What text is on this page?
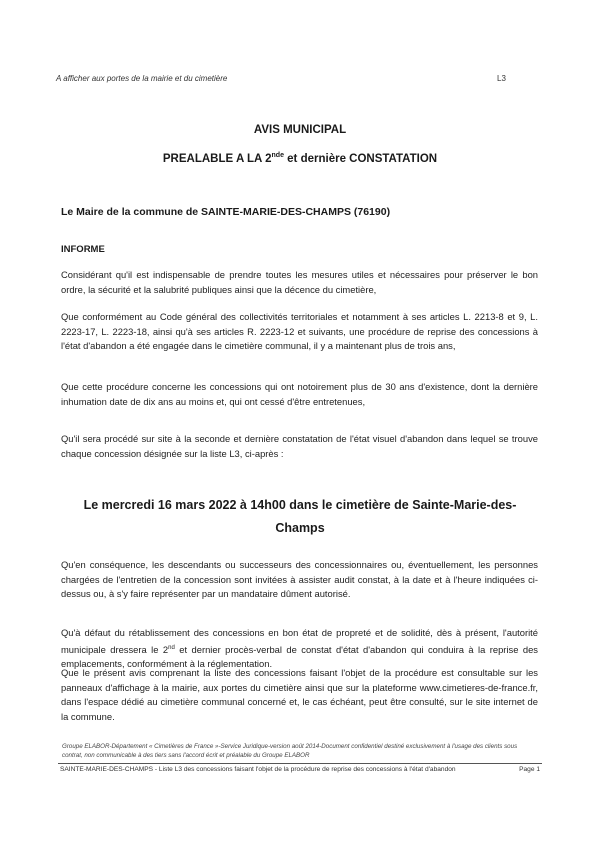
A afficher aux portes de la mairie et du cimetière	L3
AVIS MUNICIPAL
PREALABLE A LA 2nde et dernière CONSTATATION
Le Maire de la commune de SAINTE-MARIE-DES-CHAMPS (76190)
INFORME
Considérant qu'il est indispensable de prendre toutes les mesures utiles et nécessaires pour préserver le bon ordre, la sécurité et la salubrité publiques ainsi que la décence du cimetière,
Que conformément au Code général des collectivités territoriales et notamment à ses articles L. 2213-8 et 9, L. 2223-17, L. 2223-18, ainsi qu'à ses articles R. 2223-12 et suivants, une procédure de reprise des concessions à l'état d'abandon a été engagée dans le cimetière communal, il y a maintenant plus de trois ans,
Que cette procédure concerne les concessions qui ont notoirement plus de 30 ans d'existence, dont la dernière inhumation date de dix ans au moins et, qui ont cessé d'être entretenues,
Qu'il sera procédé sur site à la seconde et dernière constatation de l'état visuel d'abandon dans lequel se trouve chaque concession désignée sur la liste L3, ci-après :
Le mercredi 16 mars 2022 à 14h00 dans le cimetière de Sainte-Marie-des-Champs
Qu'en conséquence, les descendants ou successeurs des concessionnaires ou, éventuellement, les personnes chargées de l'entretien de la concession sont invitées à assister audit constat, à la date et à l'heure indiquées ci-dessus ou, à s'y faire représenter par un mandataire dûment autorisé.
Qu'à défaut du rétablissement des concessions en bon état de propreté et de solidité, dès à présent, l'autorité municipale dressera le 2nd et dernier procès-verbal de constat d'état d'abandon qui conduira à la reprise des emplacements, conformément à la réglementation.
Que le présent avis comprenant la liste des concessions faisant l'objet de la procédure est consultable sur les panneaux d'affichage à la mairie, aux portes du cimetière ainsi que sur la plateforme www.cimetieres-de-france.fr, dans l'espace dédié au cimetière communal concerné et, le cas échéant, peut être consulté, sur le site internet de la commune.
Groupe ELABOR-Département « Cimetières de France »-Service Juridique-version août 2014-Document confidentiel destiné exclusivement à l'usage des clients sous contrat, non communicable à des tiers sans l'accord écrit et préalable du Groupe ELABOR
SAINTE-MARIE-DES-CHAMPS - Liste L3 des concessions faisant l'objet de la procédure de reprise des concessions à l'état d'abandon	Page 1
